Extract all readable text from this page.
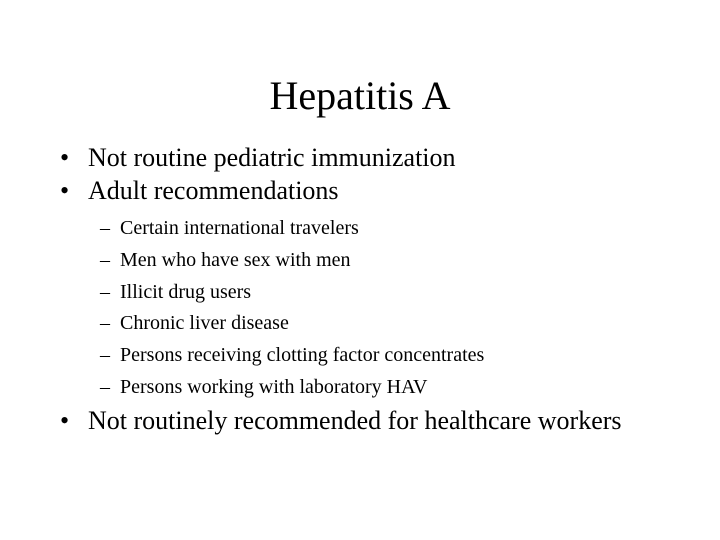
Hepatitis A
• Not routine pediatric immunization
• Adult recommendations
– Certain international travelers
– Men who have sex with men
– Illicit drug users
– Chronic liver disease
– Persons receiving clotting factor concentrates
– Persons working with laboratory HAV
• Not routinely recommended for healthcare workers
